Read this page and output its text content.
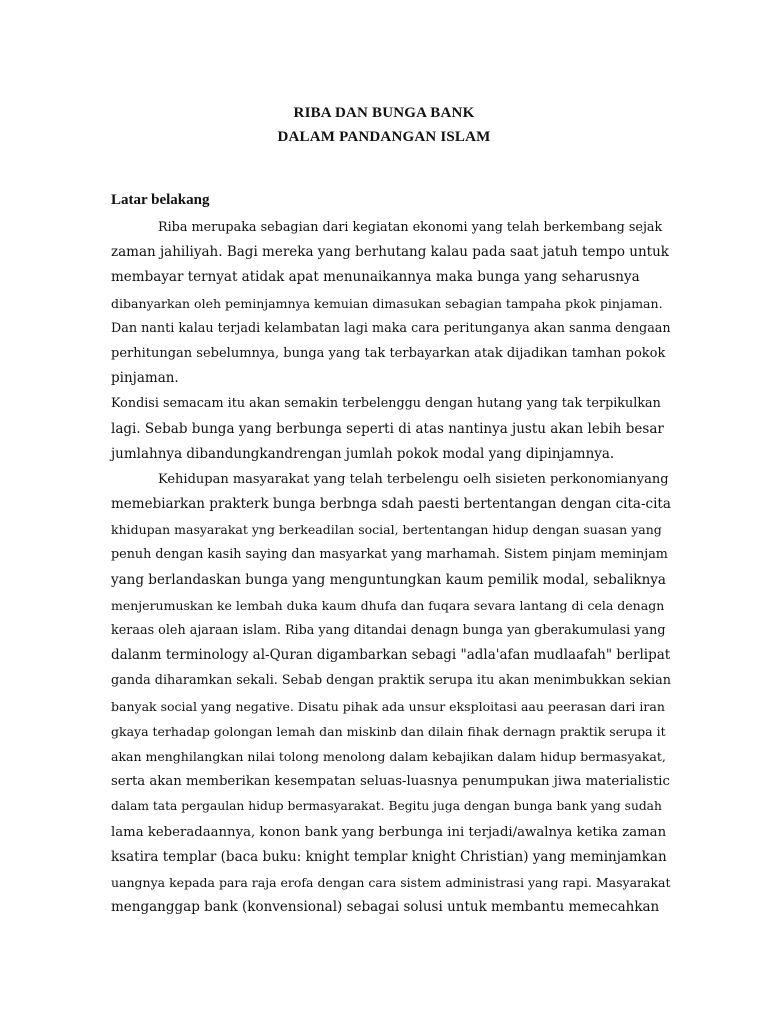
RIBA DAN BUNGA BANK
DALAM PANDANGAN ISLAM
Latar belakang
Riba merupaka sebagian dari kegiatan ekonomi yang telah berkembang sejak
zaman jahiliyah. Bagi mereka yang berhutang kalau pada saat jatuh tempo untuk
membayar ternyat atidak apat menunaikannya maka bunga yang seharusnya
dibanyarkan oleh peminjamnya kemuian dimasukan sebagian tampaha pkok pinjaman.
Dan nanti kalau terjadi kelambatan lagi maka cara peritunganya akan sanma dengaan
perhitungan sebelumnya, bunga yang tak terbayarkan atak dijadikan tamhan pokok
pinjaman.
Kondisi semacam itu akan semakin terbelenggu dengan hutang yang tak terpikulkan
lagi. Sebab bunga yang berbunga seperti di atas nantinya justu akan lebih besar
jumlahnya dibandungkandrengan jumlah pokok modal yang dipinjamnya.
Kehidupan masyarakat yang telah terbelengu oelh sisieten perkonomianyang
memebiarkan prakterk bunga berbnga sdah paesti bertentangan dengan cita-cita
khidupan masyarakat yng berkeadilan social, bertentangan hidup dengan suasan yang
penuh dengan kasih saying dan masyarkat yang marhamah. Sistem pinjam meminjam
yang berlandaskan bunga yang menguntungkan kaum pemilik modal, sebaliknya
menjerumuskan ke lembah duka kaum dhufa dan fuqara sevara lantang di cela denagn
keraas oleh ajaraan islam. Riba yang ditandai denagn bunga yan gberakumulasi yang
dalanm terminology al-Quran digambarkan sebagi "adla'afan mudlaafah" berlipat
ganda diharamkan sekali. Sebab dengan praktik serupa itu akan menimbukkan sekian
banyak social yang negative. Disatu pihak ada unsur eksploitasi aau peerasan dari iran
gkaya terhadap golongan lemah dan miskinb dan dilain fihak dernagn praktik serupa it
akan menghilangkan nilai tolong menolong dalam kebajikan dalam hidup bermasyakat,
serta akan memberikan kesempatan seluas-luasnya penumpukan jiwa materialistic
dalam tata pergaulan hidup bermasyarakat. Begitu juga dengan bunga bank yang sudah
lama keberadaannya, konon bank yang berbunga ini terjadi/awalnya ketika zaman
ksatira templar (baca buku: knight templar knight Christian) yang meminjamkan
uangnya kepada para raja erofa dengan cara sistem administrasi yang rapi. Masyarakat
menganggap bank (konvensional) sebagai solusi untuk membantu memecahkan
